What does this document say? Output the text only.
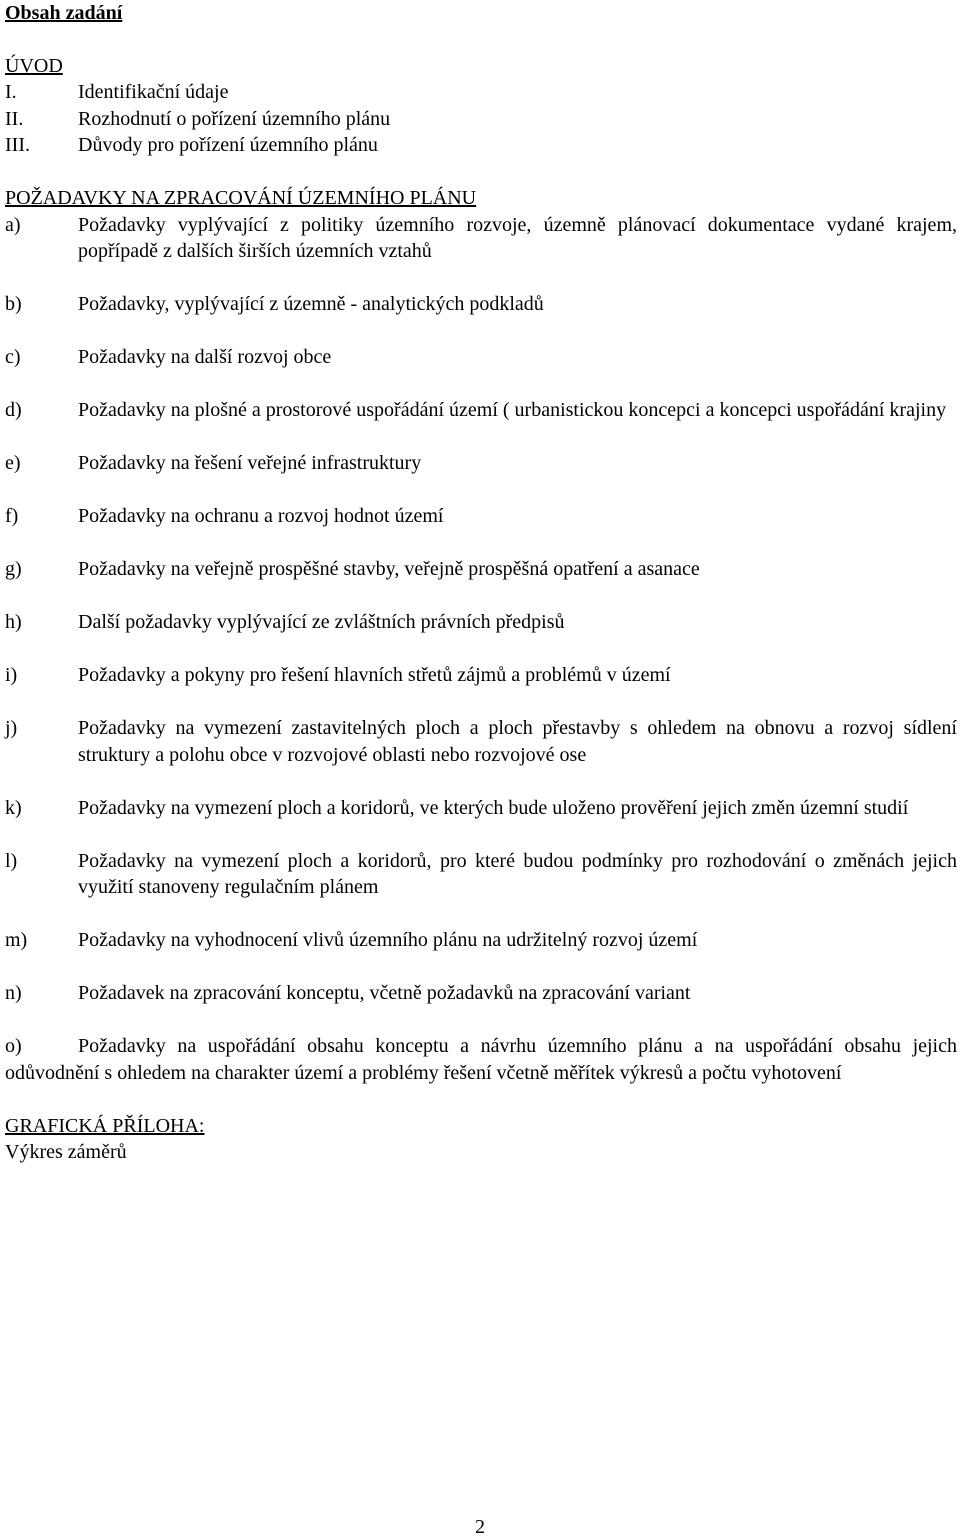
Obsah zadání

ÚVOD

I.	Identifikační údaje
II.	Rozhodnutí o pořízení územního plánu
III.	Důvody pro pořízení územního plánu

POŽADAVKY NA ZPRACOVÁNÍ ÚZEMNÍHO PLÁNU

a)	Požadavky vyplývající z politiky územního rozvoje, územně plánovací dokumentace vydané krajem, popřípadě z dalších širších územních vztahů
b)	Požadavky, vyplývající z územně - analytických podkladů
c)	Požadavky na další rozvoj obce
d)	Požadavky na plošné a prostorové uspořádání území ( urbanistickou koncepci a koncepci uspořádání krajiny
e)	Požadavky na řešení veřejné infrastruktury
f)	Požadavky na ochranu a rozvoj hodnot území
g)	Požadavky na veřejně prospěšné stavby, veřejně prospěšná opatření a asanace
h)	Další požadavky vyplývající ze zvláštních právních předpisů
i)	Požadavky a pokyny pro řešení hlavních střetů zájmů a problémů v území
j)	Požadavky na vymezení zastavitelných ploch a ploch přestavby s ohledem na obnovu a rozvoj sídlení struktury a polohu obce v rozvojové oblasti nebo rozvojové ose
k)	Požadavky na vymezení ploch a koridorů, ve kterých bude uloženo prověření jejich změn územní studií
l)	Požadavky na vymezení ploch a koridorů, pro které budou podmínky pro rozhodování o změnách jejich využití stanoveny regulačním plánem
m)	Požadavky na vyhodnocení vlivů územního plánu na udržitelný rozvoj území
n)	Požadavek na zpracování konceptu, včetně požadavků na zpracování variant
o)	Požadavky na uspořádání obsahu konceptu a návrhu územního plánu a na uspořádání obsahu jejich odůvodnění s ohledem na charakter území a problémy řešení včetně měřítek výkresů a počtu vyhotovení

GRAFICKÁ PŘÍLOHA:

Výkres záměrů

2
